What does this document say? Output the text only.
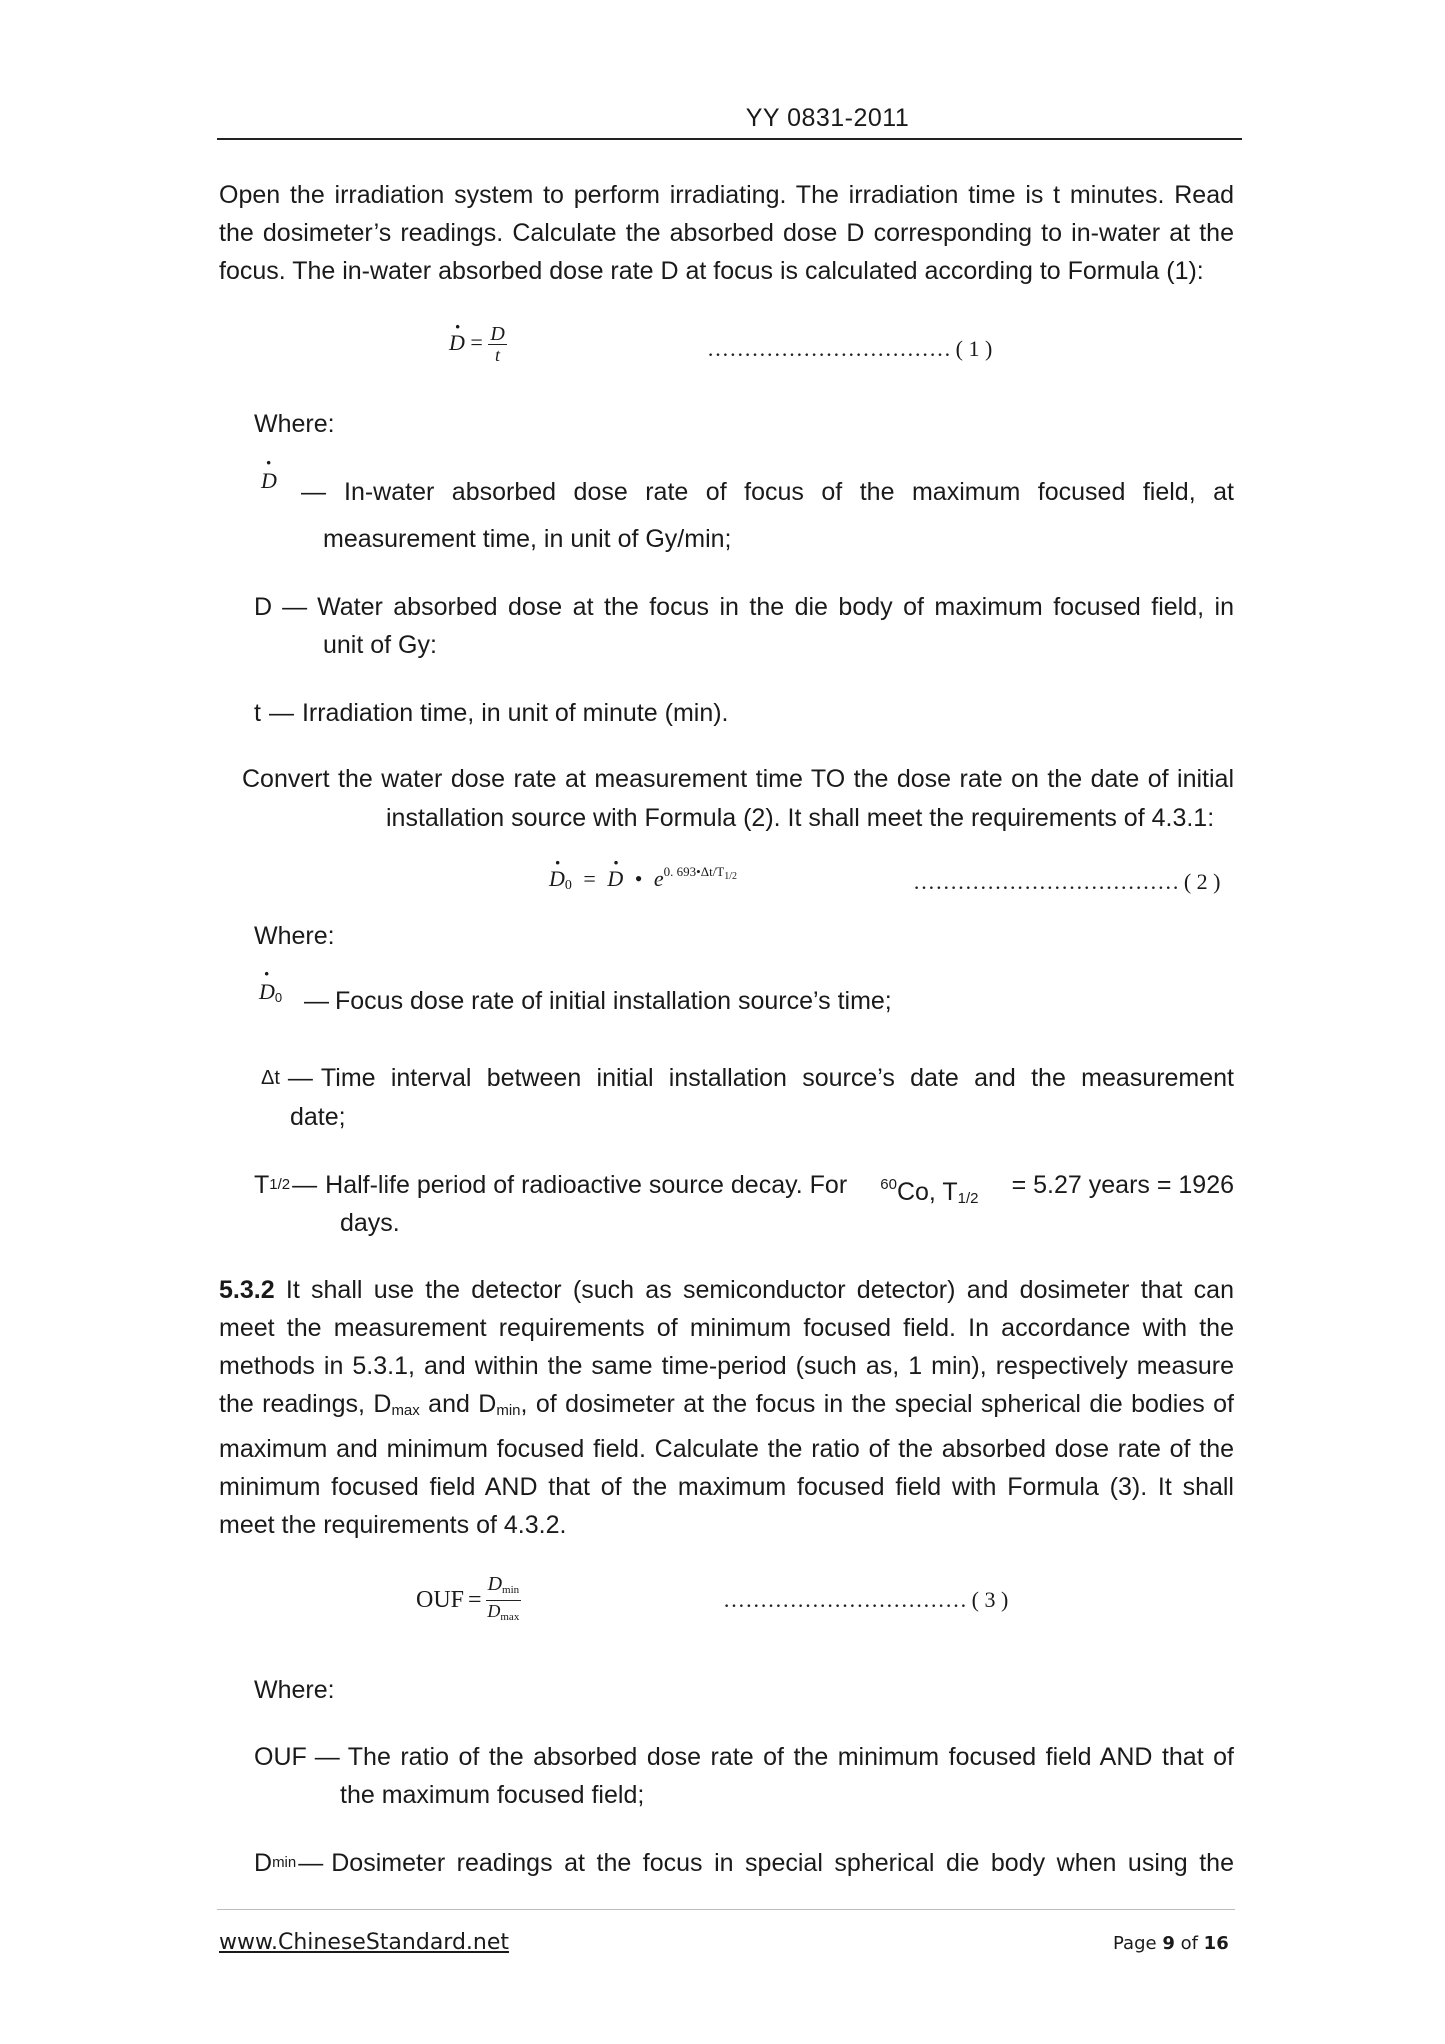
YY 0831-2011
Open the irradiation system to perform irradiating. The irradiation time is t minutes. Read the dosimeter’s readings. Calculate the absorbed dose D corresponding to in-water at the focus. The in-water absorbed dose rate D at focus is calculated according to Formula (1):
· $D = \frac{D}{t}$	…………………………… ( 1 )
Where:
· D — In-water absorbed dose rate of focus of the maximum focused field, at
measurement time, in unit of Gy/min;
D — Water absorbed dose at the focus in the die body of maximum focused field, in
unit of Gy:
t — Irradiation time, in unit of minute (min).
Convert the water dose rate at measurement time TO the dose rate on the date of initial
installation source with Formula (2). It shall meet the requirements of 4.3.1:
· $D_0$ = · D • $e^{0. 693•\Delta t/T_{1/2}}$	……………………………… ( 2 )
Where:
· $D_0$ — Focus dose rate of initial installation source’s time;
Δt — Time interval between initial installation source’s date and the measurement
date;
T 1/2 — Half-life period of radioactive source decay. For $^{60}$Co, $T_{1/2} = 5.27$ years = 1926
days.
5.3.2 It shall use the detector (such as semiconductor detector) and dosimeter that can meet the measurement requirements of minimum focused field. In accordance with the methods in 5.3.1, and within the same time-period (such as, 1 min), respectively measure the readings, $D_{max}$ and $D_{min}$, of dosimeter at the focus in the special spherical die bodies of maximum and minimum focused field. Calculate the ratio of the absorbed dose rate of the minimum focused field AND that of the maximum focused field with Formula (3). It shall meet the requirements of 4.3.2.
OUF = $\frac{D_{min}}{D_{max}}$	…………………………… ( 3 )
Where:
OUF — The ratio of the absorbed dose rate of the minimum focused field AND that of
the maximum focused field;
D min — Dosimeter readings at the focus in special spherical die body when using the
www.ChineseStandard.net	Page 9 of 16
